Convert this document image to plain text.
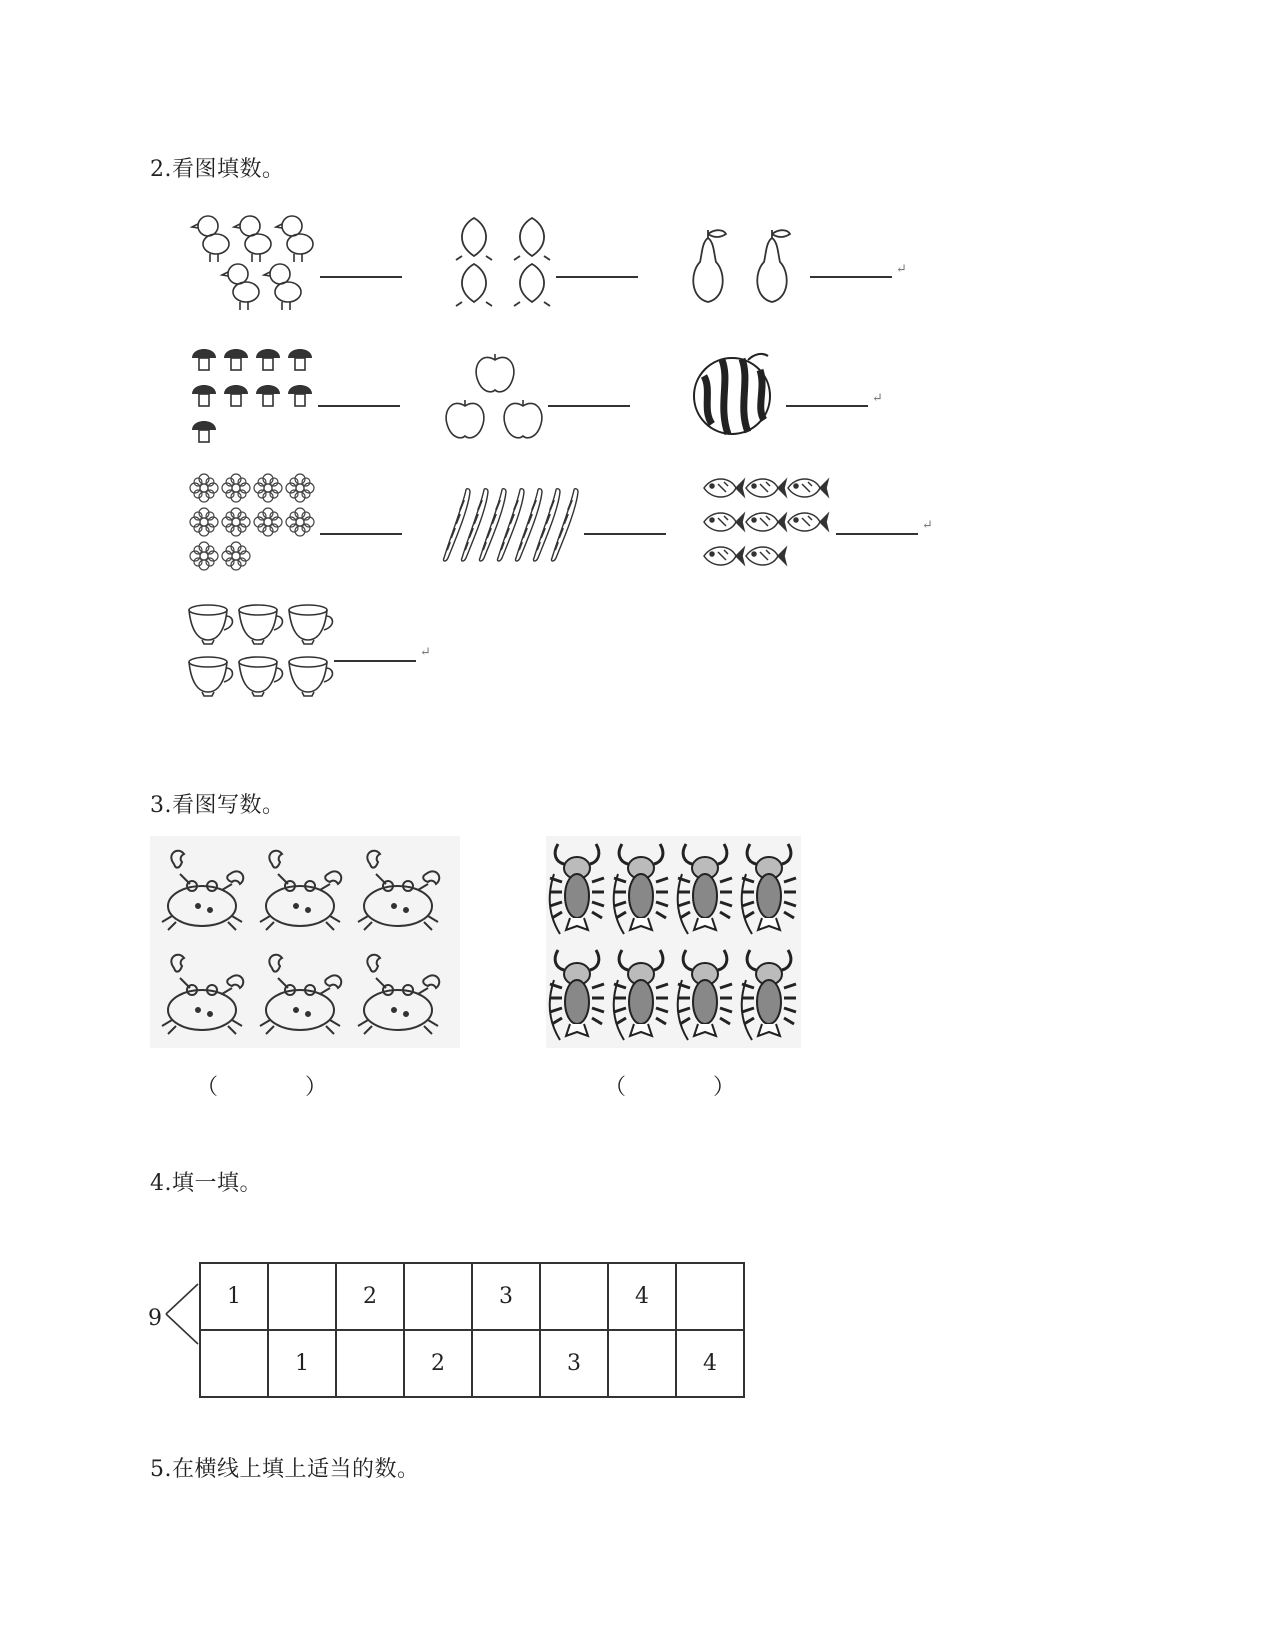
2.看图填数。
↵
↵
↵
↵
3.看图写数。
（	）	（	）
4.填一填。
9
1		2		3		4	
	1		2		3		4
5.在横线上填上适当的数。
